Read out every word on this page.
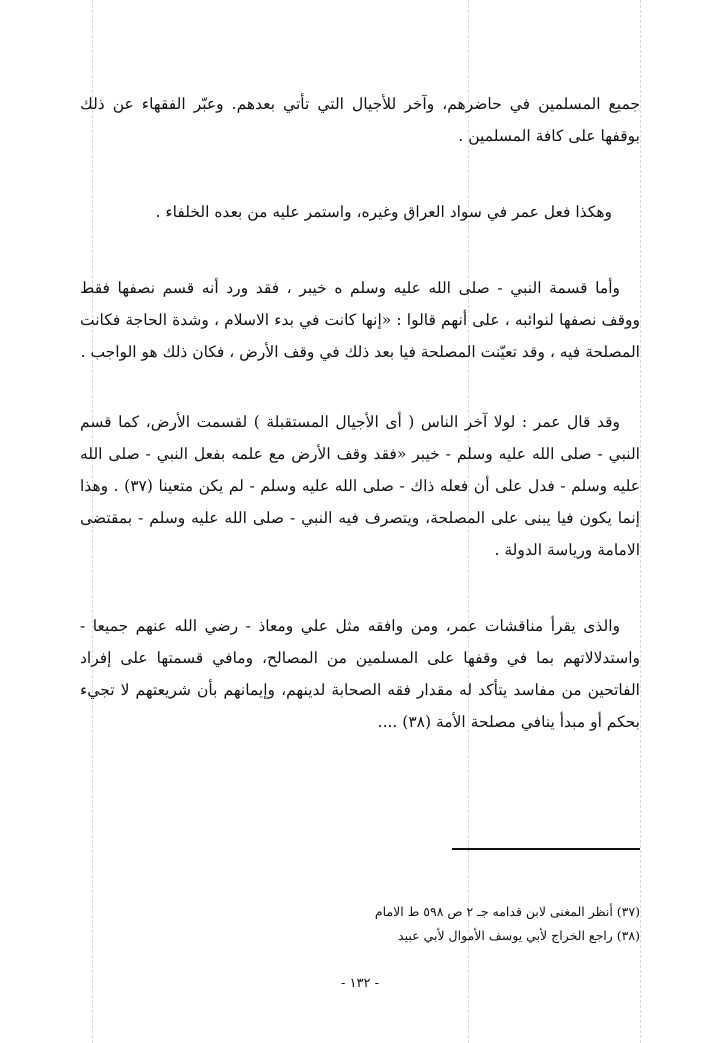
جميع المسلمين في حاضرهم، وآخر للأجيال التي تأتي بعدهم. وعبّر الفقهاء عن ذلك بوقفها على كافة المسلمين .

وهكذا فعل عمر في سواد العراق وغيره، واستمر عليه من بعده الخلفاء .

وأما قسمة النبي - صلى الله عليه وسلم ه خيبر ، فقد ورد أنه قسم نصفها فقط ووقف نصفها لنوائبه ، على أنهم قالوا : «إنها كانت في بدء الاسلام ، وشدة الحاجة فكانت المصلحة فيه ، وقد تعيّنت المصلحة فيا بعد ذلك في وقف الأرض ، فكان ذلك هو الواجب .

وقد قال عمر : لولا آخر الناس ( أى الأجيال المستقبلة ) لقسمت الأرض، كما قسم النبي - صلى الله عليه وسلم - خيبر «فقد وقف الأرض مع علمه بفعل النبي - صلى الله عليه وسلم - فدل على أن فعله ذاك - صلى الله عليه وسلم - لم يكن متعينا (٣٧) . وهذا إنما يكون فيا يبنى على المصلحة، ويتصرف فيه النبي - صلى الله عليه وسلم - بمقتضى الامامة ورياسة الدولة .

والذى يقرأ مناقشات عمر، ومن وافقه مثل علي ومعاذ - رضي الله عنهم جميعا - واستدلالاتهم بما في وقفها على المسلمين من المصالح، ومافي قسمتها على إفراد الفاتحين من مفاسد يتأكد له مقدار فقه الصحابة لدينهم، وإيمانهم بأن شريعتهم لا تجيء بحكم أو مبدأ ينافي مصلحة الأمة (٣٨) ....

(٣٧) أنظر المغنى لابن قدامه جـ ٢ ص ٥٩٨ ط الامام
(٣٨) راجع الخراج لأبي يوسف الأموال لأبي عبيد
- ١٣٢ -
